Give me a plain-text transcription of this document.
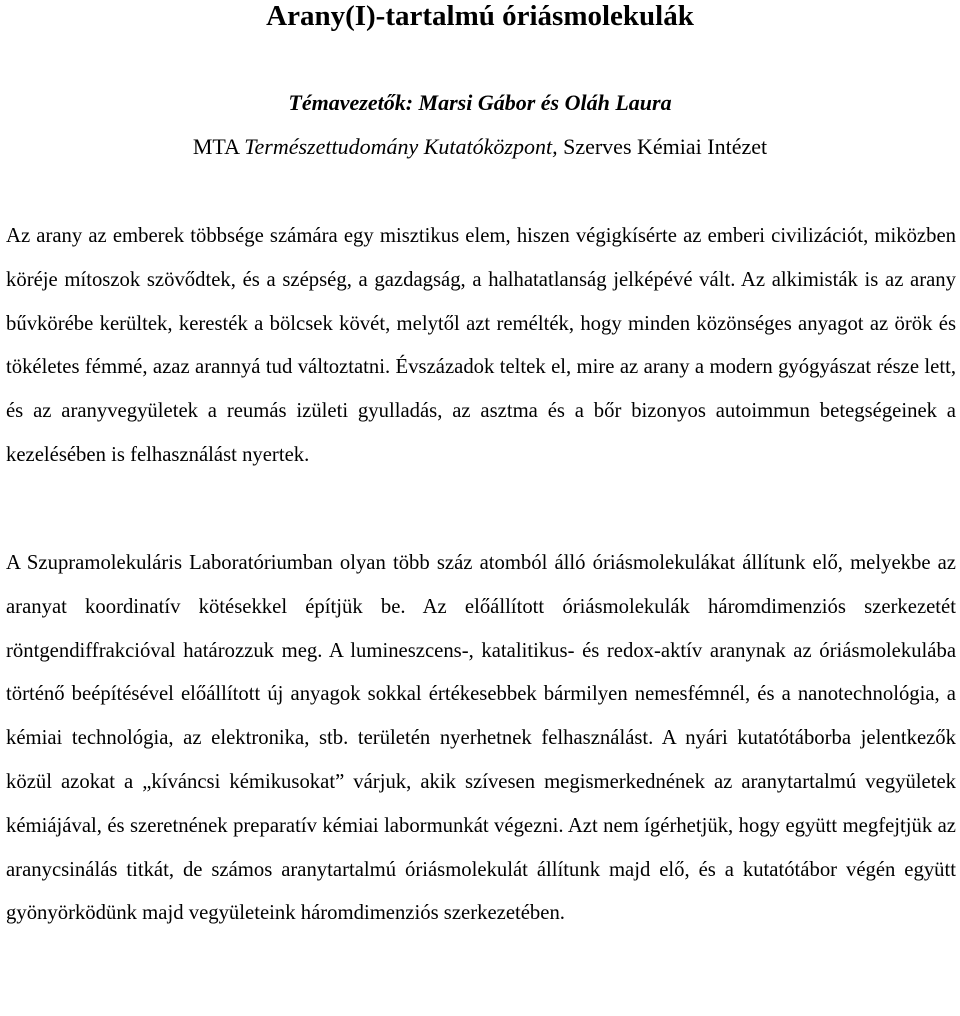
Arany(I)-tartalmú óriásmolekulák

Témavezetők: Marsi Gábor és Oláh Laura

MTA Természettudomány Kutatóközpont, Szerves Kémiai Intézet

Az arany az emberek többsége számára egy misztikus elem, hiszen végigkísérte az emberi civilizációt, miközben köréje mítoszok szövődtek, és a szépség, a gazdagság, a halhatatlanság jelképévé vált. Az alkimisták is az arany bűvkörébe kerültek, keresték a bölcsek kövét, melytől azt remélték, hogy minden közönséges anyagot az örök és tökéletes fémmé, azaz arannyá tud változtatni. Évszázadok teltek el, mire az arany a modern gyógyászat része lett, és az aranyvegyületek a reumás izületi gyulladás, az asztma és a bőr bizonyos autoimmun betegségeinek a kezelésében is felhasználást nyertek.

A Szupramolekuláris Laboratóriumban olyan több száz atomból álló óriásmolekulákat állítunk elő, melyekbe az aranyat koordinatív kötésekkel építjük be. Az előállított óriásmolekulák háromdimenziós szerkezetét röntgendiffrakcióval határozzuk meg. A lumineszcens-, katalitikus- és redox-aktív aranynak az óriásmolekulába történő beépítésével előállított új anyagok sokkal értékesebbek bármilyen nemesfémnél, és a nanotechnológia, a kémiai technológia, az elektronika, stb. területén nyerhetnek felhasználást. A nyári kutatótáborba jelentkezők közül azokat a „kíváncsi kémikusokat” várjuk, akik szívesen megismerkednének az aranytartalmú vegyületek kémiájával, és szeretnének preparatív kémiai labormunkát végezni. Azt nem ígérhetjük, hogy együtt megfejtjük az aranycsinálás titkát, de számos aranytartalmú óriásmolekulát állítunk majd elő, és a kutatótábor végén együtt gyönyörködünk majd vegyületeink háromdimenziós szerkezetében.
